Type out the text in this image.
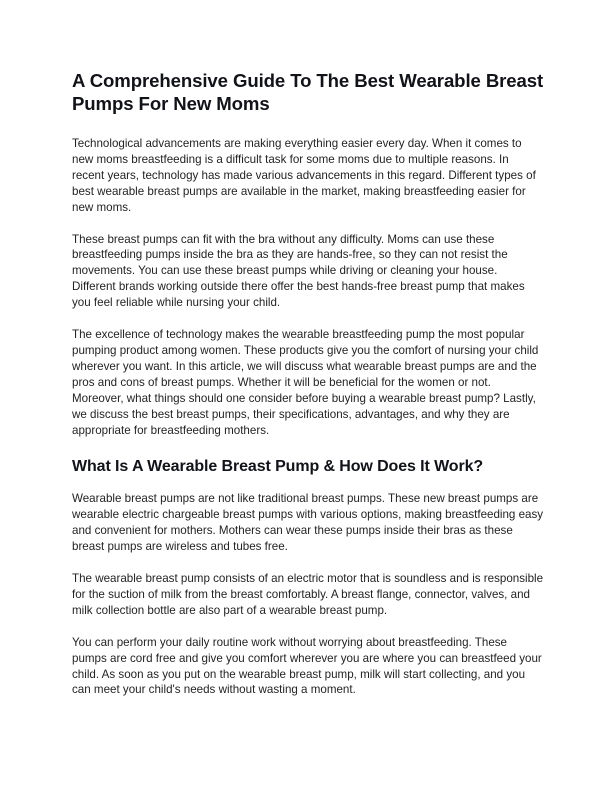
A Comprehensive Guide To The Best Wearable Breast Pumps For New Moms

Technological advancements are making everything easier every day. When it comes to new moms breastfeeding is a difficult task for some moms due to multiple reasons. In recent years, technology has made various advancements in this regard. Different types of best wearable breast pumps are available in the market, making breastfeeding easier for new moms.

These breast pumps can fit with the bra without any difficulty. Moms can use these breastfeeding pumps inside the bra as they are hands-free, so they can not resist the movements. You can use these breast pumps while driving or cleaning your house. Different brands working outside there offer the best hands-free breast pump that makes you feel reliable while nursing your child.

The excellence of technology makes the wearable breastfeeding pump the most popular pumping product among women. These products give you the comfort of nursing your child wherever you want. In this article, we will discuss what wearable breast pumps are and the pros and cons of breast pumps. Whether it will be beneficial for the women or not. Moreover, what things should one consider before buying a wearable breast pump? Lastly, we discuss the best breast pumps, their specifications, advantages, and why they are appropriate for breastfeeding mothers.

What Is A Wearable Breast Pump & How Does It Work?

Wearable breast pumps are not like traditional breast pumps. These new breast pumps are wearable electric chargeable breast pumps with various options, making breastfeeding easy and convenient for mothers. Mothers can wear these pumps inside their bras as these breast pumps are wireless and tubes free.

The wearable breast pump consists of an electric motor that is soundless and is responsible for the suction of milk from the breast comfortably. A breast flange, connector, valves, and milk collection bottle are also part of a wearable breast pump.

You can perform your daily routine work without worrying about breastfeeding. These pumps are cord free and give you comfort wherever you are where you can breastfeed your child. As soon as you put on the wearable breast pump, milk will start collecting, and you can meet your child's needs without wasting a moment.
